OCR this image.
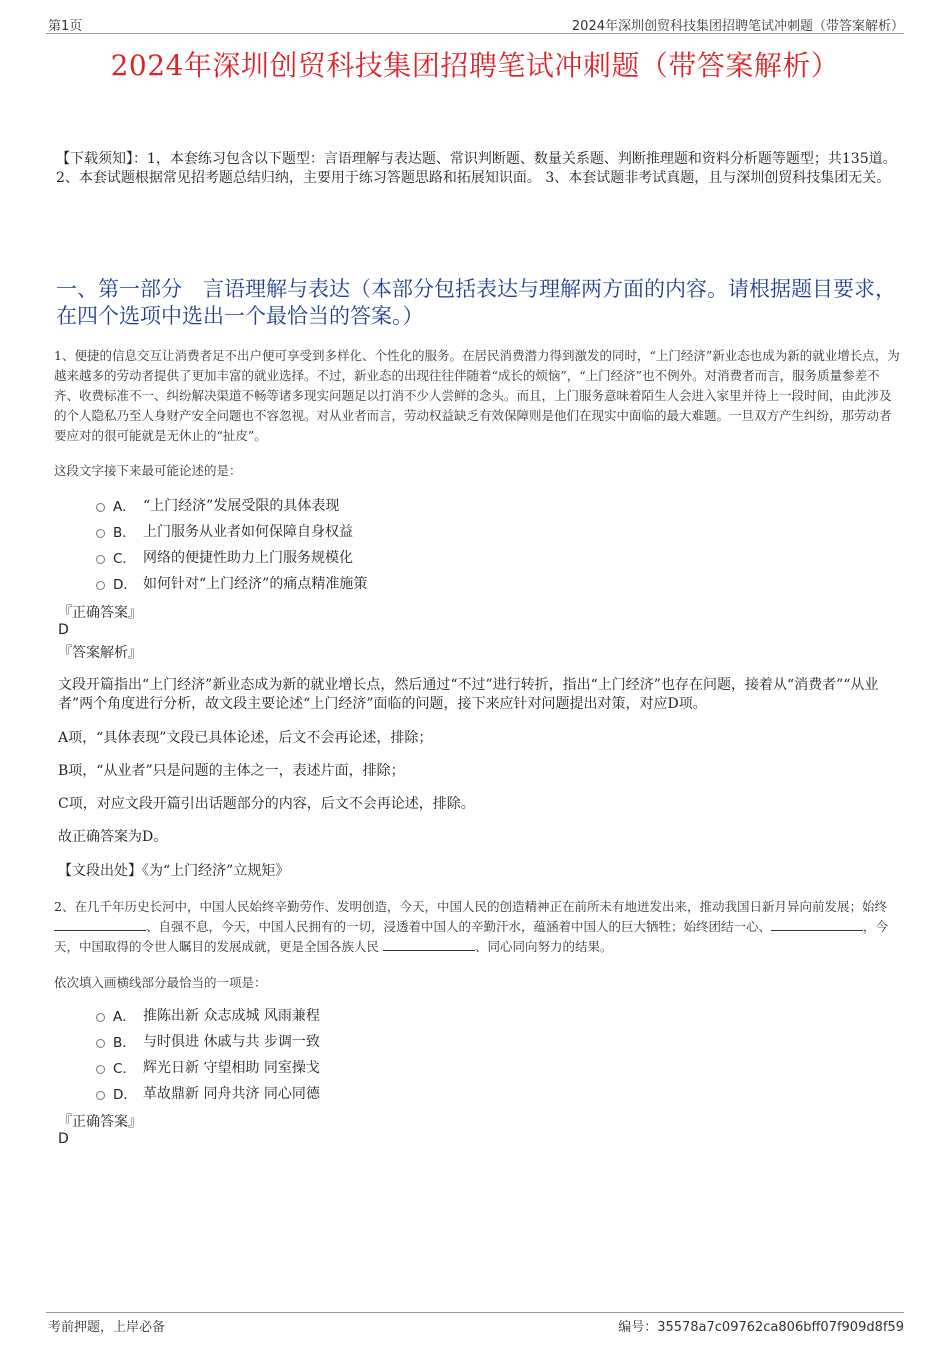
第1页	2024年深圳创贸科技集团招聘笔试冲刺题（带答案解析）
2024年深圳创贸科技集团招聘笔试冲刺题（带答案解析）
【下载须知】：1，本套练习包含以下题型：言语理解与表达题、常识判断题、数量关系题、判断推理题和资料分析题等题型；共135道。 2、本套试题根据常见招考题总结归纳，主要用于练习答题思路和拓展知识面。 3、本套试题非考试真题，且与深圳创贸科技集团无关。
一、第一部分　言语理解与表达（本部分包括表达与理解两方面的内容。请根据题目要求，在四个选项中选出一个最恰当的答案。）
1、便捷的信息交互让消费者足不出户便可享受到多样化、个性化的服务。在居民消费潜力得到激发的同时，“上门经济”新业态也成为新的就业增长点，为越来越多的劳动者提供了更加丰富的就业选择。不过，新业态的出现往往伴随着“成长的烦恼”，“上门经济”也不例外。对消费者而言，服务质量参差不齐、收费标准不一、纠纷解决渠道不畅等诸多现实问题足以打消不少人尝鲜的念头。而且，上门服务意味着陌生人会进入家里并待上一段时间，由此涉及的个人隐私乃至人身财产安全问题也不容忽视。对从业者而言，劳动权益缺乏有效保障则是他们在现实中面临的最大难题。一旦双方产生纠纷，那劳动者要应对的很可能就是无休止的“扯皮”。
这段文字接下来最可能论述的是：
A． “上门经济”发展受限的具体表现
B． 上门服务从业者如何保障自身权益
C． 网络的便捷性助力上门服务规模化
D． 如何针对“上门经济”的痛点精准施策
『正确答案』
D
『答案解析』
文段开篇指出“上门经济”新业态成为新的就业增长点，然后通过“不过”进行转折，指出“上门经济”也存在问题，接着从“消费者”“从业者”两个角度进行分析，故文段主要论述“上门经济”面临的问题，接下来应针对问题提出对策，对应D项。
A项，“具体表现”文段已具体论述，后文不会再论述，排除；
B项，“从业者”只是问题的主体之一，表述片面，排除；
C项，对应文段开篇引出话题部分的内容，后文不会再论述，排除。
故正确答案为D。
【文段出处】《为“上门经济”立规矩》
2、在几千年历史长河中，中国人民始终辛勤劳作、发明创造，今天，中国人民的创造精神正在前所未有地迸发出来，推动我国日新月异向前发展；始终 、自强不息，今天，中国人民拥有的一切，浸透着中国人的辛勤汗水，蕴涵着中国人的巨大牺牲；始终团结一心、	，今天，中国取得的令世人瞩目的发展成就，更是全国各族人民	、同心同向努力的结果。
依次填入画横线部分最恰当的一项是：
A． 推陈出新 众志成城 风雨兼程
B． 与时俱进 休戚与共 步调一致
C． 辉光日新 守望相助 同室操戈
D． 革故鼎新 同舟共济 同心同德
『正确答案』
D
考前押题，上岸必备	编号：35578a7c09762ca806bff07f909d8f59
